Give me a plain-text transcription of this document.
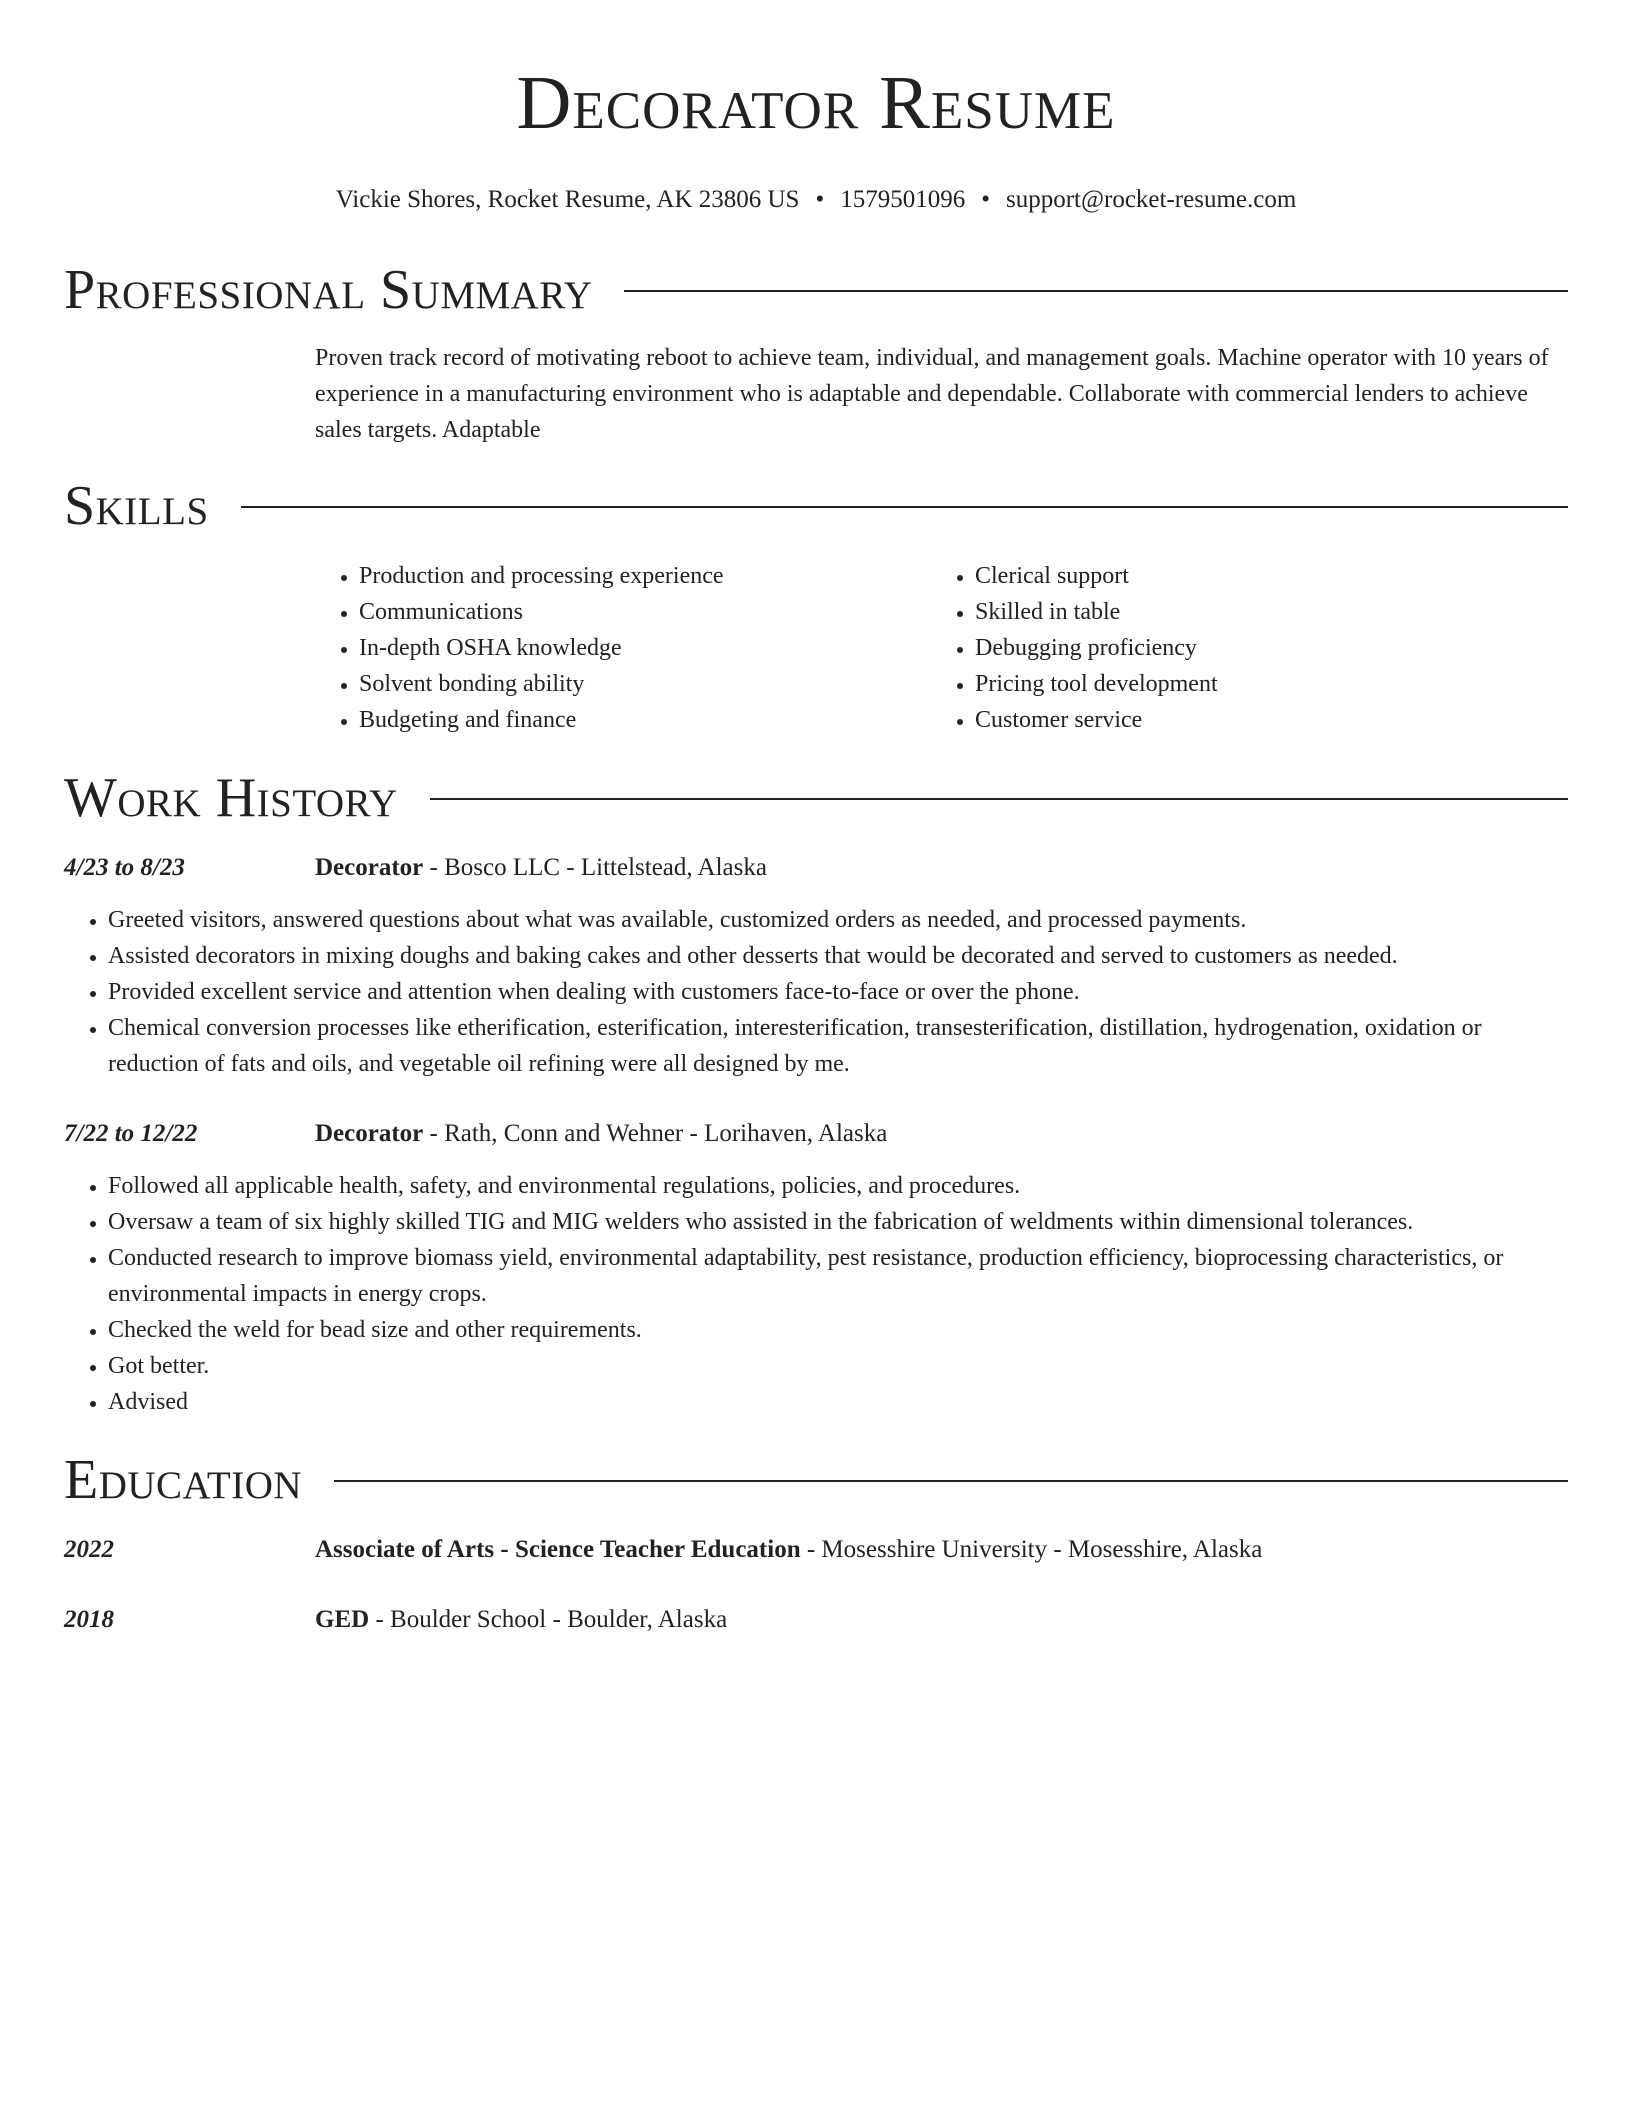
Decorator Resume
Vickie Shores, Rocket Resume, AK 23806 US • 1579501096 • support@rocket-resume.com
Professional Summary
Proven track record of motivating reboot to achieve team, individual, and management goals. Machine operator with 10 years of experience in a manufacturing environment who is adaptable and dependable. Collaborate with commercial lenders to achieve sales targets. Adaptable
Skills
• Production and processing experience
• Communications
• In-depth OSHA knowledge
• Solvent bonding ability
• Budgeting and finance
• Clerical support
• Skilled in table
• Debugging proficiency
• Pricing tool development
• Customer service
Work History
4/23 to 8/23	Decorator - Bosco LLC - Littelstead, Alaska
• Greeted visitors, answered questions about what was available, customized orders as needed, and processed payments.
• Assisted decorators in mixing doughs and baking cakes and other desserts that would be decorated and served to customers as needed.
• Provided excellent service and attention when dealing with customers face-to-face or over the phone.
• Chemical conversion processes like etherification, esterification, interesterification, transesterification, distillation, hydrogenation, oxidation or reduction of fats and oils, and vegetable oil refining were all designed by me.
7/22 to 12/22	Decorator - Rath, Conn and Wehner - Lorihaven, Alaska
• Followed all applicable health, safety, and environmental regulations, policies, and procedures.
• Oversaw a team of six highly skilled TIG and MIG welders who assisted in the fabrication of weldments within dimensional tolerances.
• Conducted research to improve biomass yield, environmental adaptability, pest resistance, production efficiency, bioprocessing characteristics, or environmental impacts in energy crops.
• Checked the weld for bead size and other requirements.
• Got better.
• Advised
Education
2022	Associate of Arts - Science Teacher Education - Mosesshire University - Mosesshire, Alaska
2018	GED - Boulder School - Boulder, Alaska
